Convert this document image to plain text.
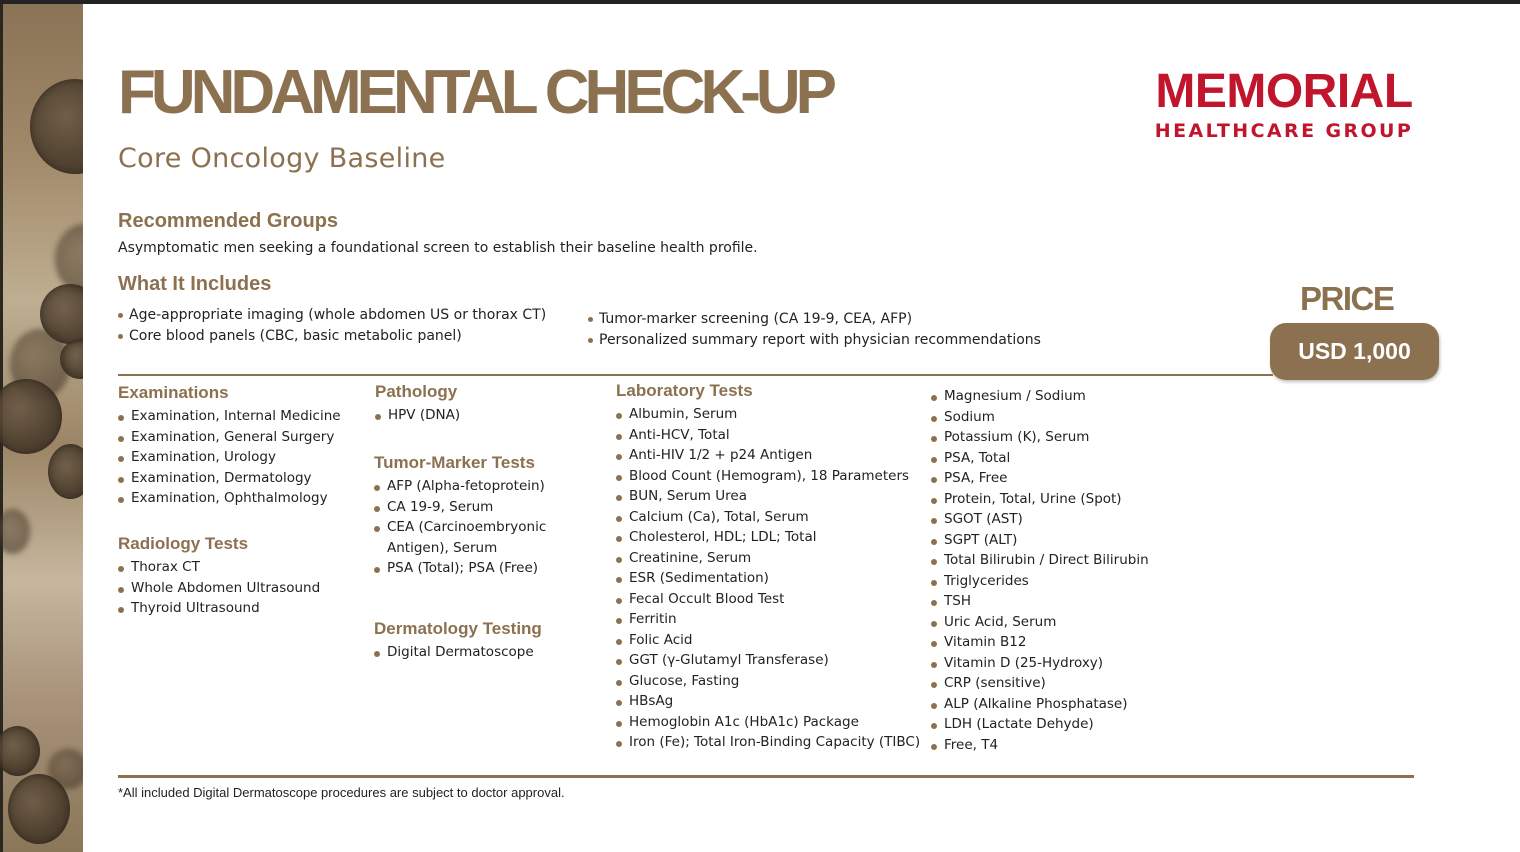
FUNDAMENTAL CHECK-UP
Core Oncology Baseline
MEMORIAL
HEALTHCARE GROUP
Recommended Groups
Asymptomatic men seeking a foundational screen to establish their baseline health profile.
What It Includes
Age-appropriate imaging (whole abdomen US or thorax CT)
Core blood panels (CBC, basic metabolic panel)
Tumor-marker screening (CA 19-9, CEA, AFP)
Personalized summary report with physician recommendations
PRICE
USD 1,000
Examinations
Examination, Internal Medicine
Examination, General Surgery
Examination, Urology
Examination, Dermatology
Examination, Ophthalmology
Radiology Tests
Thorax CT
Whole Abdomen Ultrasound
Thyroid Ultrasound
Pathology
HPV (DNA)
Tumor-Marker Tests
AFP (Alpha-fetoprotein)
CA 19-9, Serum
CEA (Carcinoembryonic Antigen), Serum
PSA (Total); PSA (Free)
Dermatology Testing
Digital Dermatoscope
Laboratory Tests
Albumin, Serum
Anti-HCV, Total
Anti-HIV 1/2 + p24 Antigen
Blood Count (Hemogram), 18 Parameters
BUN, Serum Urea
Calcium (Ca), Total, Serum
Cholesterol, HDL; LDL; Total
Creatinine, Serum
ESR (Sedimentation)
Fecal Occult Blood Test
Ferritin
Folic Acid
GGT (γ-Glutamyl Transferase)
Glucose, Fasting
HBsAg
Hemoglobin A1c (HbA1c) Package
Iron (Fe); Total Iron-Binding Capacity (TIBC)
Magnesium / Sodium
Sodium
Potassium (K), Serum
PSA, Total
PSA, Free
Protein, Total, Urine (Spot)
SGOT (AST)
SGPT (ALT)
Total Bilirubin / Direct Bilirubin
Triglycerides
TSH
Uric Acid, Serum
Vitamin B12
Vitamin D (25-Hydroxy)
CRP (sensitive)
ALP (Alkaline Phosphatase)
LDH (Lactate Dehyde)
Free, T4
*All included Digital Dermatoscope procedures are subject to doctor approval.
